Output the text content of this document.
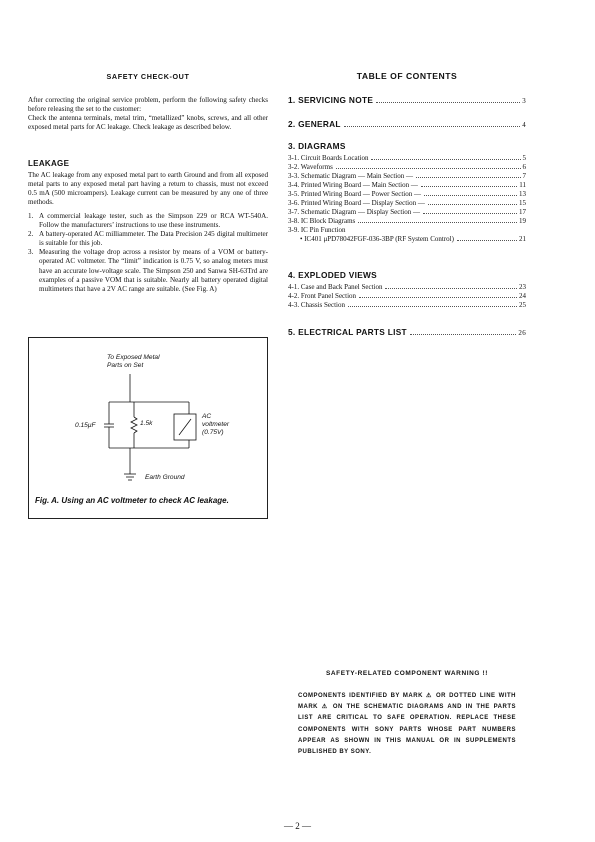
SAFETY CHECK-OUT
After correcting the original service problem, perform the following safety checks before releasing the set to the customer:
Check the antenna terminals, metal trim, “metallized” knobs, screws, and all other exposed metal parts for AC leakage. Check leakage as described below.
LEAKAGE
The AC leakage from any exposed metal part to earth Ground and from all exposed metal parts to any exposed metal part having a return to chassis, must not exceed 0.5 mA (500 microampers). Leakage current can be measured by any one of three methods.
1. A commercial leakage tester, such as the Simpson 229 or RCA WT-540A. Follow the manufacturers’ instructions to use these instruments.
2. A battery-operated AC milliammeter. The Data Precision 245 digital multimeter is suitable for this job.
3. Measuring the voltage drop across a resistor by means of a VOM or battery-operated AC voltmeter. The “limit” indication is 0.75 V, so analog meters must have an accurate low-voltage scale. The Simpson 250 and Sanwa SH-63Trd are examples of a passive VOM that is suitable. Nearly all battery operated digital multimeters that have a 2V AC range are suitable. (See Fig. A)
To Exposed Metal
Parts on Set
0.15μF	1.5k
AC
voltmeter
(0.75V)
Earth Ground
Fig. A. Using an AC voltmeter to check AC leakage.
TABLE OF CONTENTS
1. SERVICING NOTE	3
2. GENERAL	4
3. DIAGRAMS
3-1. Circuit Boards Location	5
3-2. Waveforms	6
3-3. Schematic Diagram — Main Section —	7
3-4. Printed Wiring Board — Main Section —	11
3-5. Printed Wiring Board — Power Section —	13
3-6. Printed Wiring Board — Display Section —	15
3-7. Schematic Diagram — Display Section —	17
3-8. IC Block Diagrams	19
3-9. IC Pin Function
• IC401 μPD78042FGF-036-3BP (RF System Control)	21
4. EXPLODED VIEWS
4-1. Case and Back Panel Section	23
4-2. Front Panel Section	24
4-3. Chassis Section	25
5. ELECTRICAL PARTS LIST	26
SAFETY-RELATED COMPONENT WARNING !!
COMPONENTS IDENTIFIED BY MARK ⚠ OR DOTTED LINE WITH MARK ⚠ ON THE SCHEMATIC DIAGRAMS AND IN THE PARTS LIST ARE CRITICAL TO SAFE OPERATION. REPLACE THESE COMPONENTS WITH SONY PARTS WHOSE PART NUMBERS APPEAR AS SHOWN IN THIS MANUAL OR IN SUPPLEMENTS PUBLISHED BY SONY.
— 2 —
